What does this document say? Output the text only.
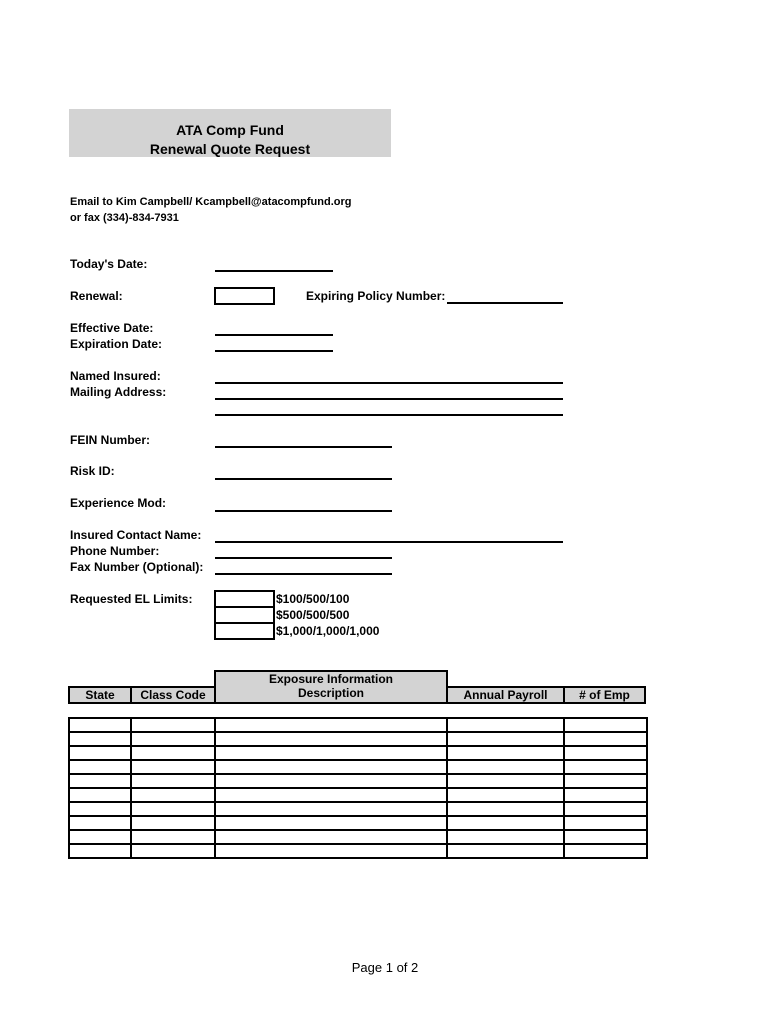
ATA Comp Fund
Renewal Quote Request
Email to Kim Campbell/ Kcampbell@atacompfund.org
or fax (334)-834-7931
Today's Date:
Renewal:	Expiring Policy Number:
Effective Date:
Expiration Date:
Named Insured:
Mailing Address:
FEIN Number:
Risk ID:
Experience Mod:
Insured Contact Name:
Phone Number:
Fax Number (Optional):
Requested EL Limits:	$100/500/100
$500/500/500
$1,000/1,000/1,000
Exposure Information
State	Class Code	Description	Annual Payroll	# of Emp

Page 1 of 2
